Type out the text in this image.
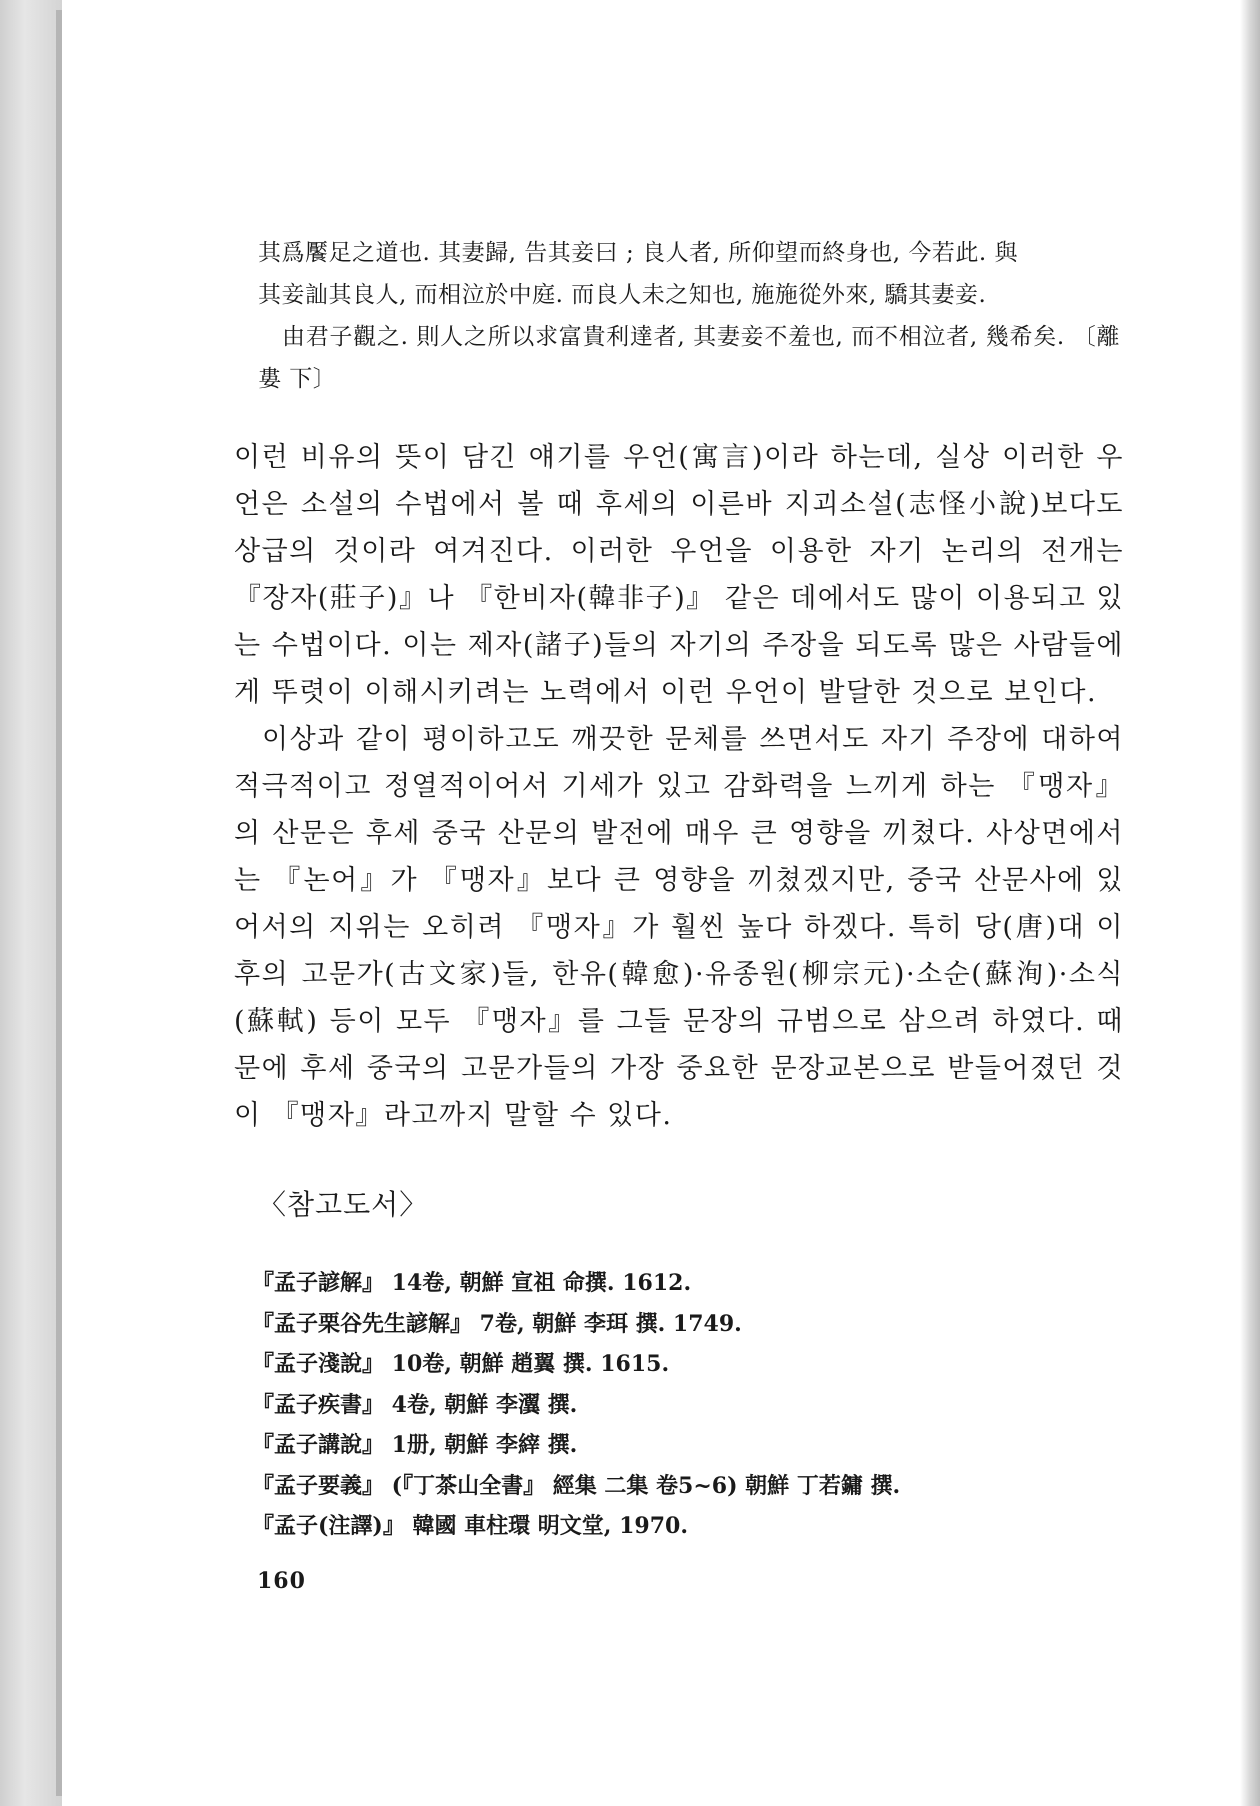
其爲饜足之道也. 其妻歸, 告其妾曰 ; 良人者, 所仰望而終身也, 今若此. 與

其妾訕其良人, 而相泣於中庭. 而良人未之知也, 施施從外來, 驕其妻妾.

由君子觀之. 則人之所以求富貴利達者, 其妻妾不羞也, 而不相泣者, 幾希矣. 〔離婁 下〕

이런 비유의 뜻이 담긴 얘기를 우언(寓言)이라 하는데, 실상 이러한 우언은 소설의 수법에서 볼 때 후세의 이른바 지괴소설(志怪小說)보다도 상급의 것이라 여겨진다. 이러한 우언을 이용한 자기 논리의 전개는 『장자(莊子)』나 『한비자(韓非子)』 같은 데에서도 많이 이용되고 있는 수법이다. 이는 제자(諸子)들의 자기의 주장을 되도록 많은 사람들에게 뚜렷이 이해시키려는 노력에서 이런 우언이 발달한 것으로 보인다.

이상과 같이 평이하고도 깨끗한 문체를 쓰면서도 자기 주장에 대하여 적극적이고 정열적이어서 기세가 있고 감화력을 느끼게 하는 『맹자』의 산문은 후세 중국 산문의 발전에 매우 큰 영향을 끼쳤다. 사상면에서는 『논어』가 『맹자』보다 큰 영향을 끼쳤겠지만, 중국 산문사에 있어서의 지위는 오히려 『맹자』가 훨씬 높다 하겠다. 특히 당(唐)대 이후의 고문가(古文家)들, 한유(韓愈)·유종원(柳宗元)·소순(蘇洵)·소식(蘇軾) 등이 모두 『맹자』를 그들 문장의 규범으로 삼으려 하였다. 때문에 후세 중국의 고문가들의 가장 중요한 문장교본으로 받들어졌던 것이 『맹자』라고까지 말할 수 있다.

〈참고도서〉
『孟子諺解』 14卷, 朝鮮 宣祖 命撰. 1612.
『孟子栗谷先生諺解』 7卷, 朝鮮 李珥 撰. 1749.
『孟子淺說』 10卷, 朝鮮 趙翼 撰. 1615.
『孟子疾書』 4卷, 朝鮮 李瀷 撰.
『孟子講說』 1册, 朝鮮 李縡 撰.
『孟子要義』 (『丁茶山全書』 經集 二集 卷5~6) 朝鮮 丁若鏞 撰.
『孟子(注譯)』 韓國 車柱環 明文堂, 1970.
160
